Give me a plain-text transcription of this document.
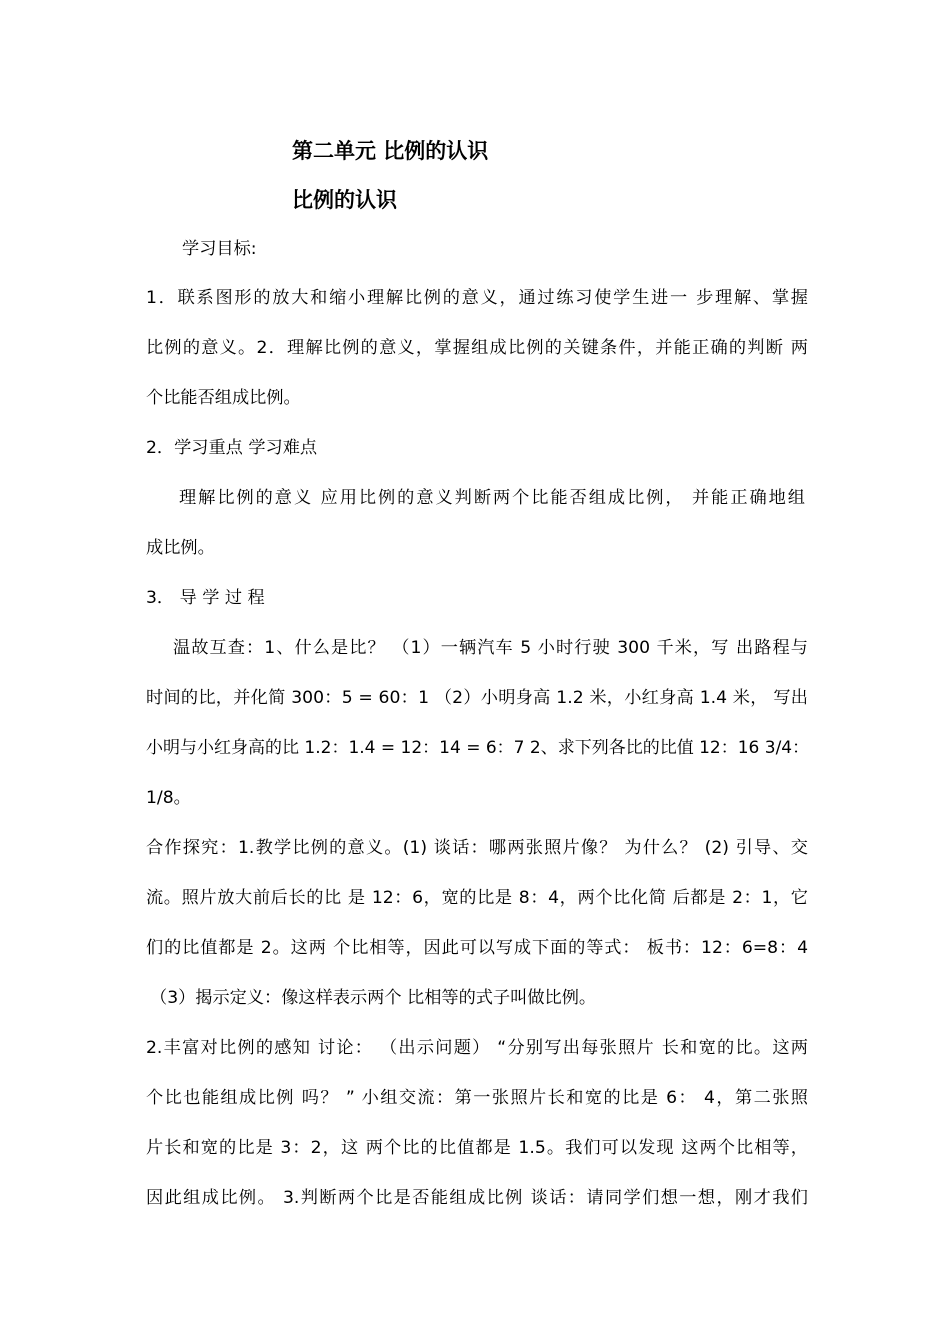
第二单元 比例的认识
比例的认识
学习目标:
1．联系图形的放大和缩小理解比例的意义，通过练习使学生进一 步理解、掌握
比例的意义。2．理解比例的意义，掌握组成比例的关键条件，并能正确的判断 两
个比能否组成比例。
2．学习重点 学习难点
理解比例的意义 应用比例的意义判断两个比能否组成比例， 并能正确地组
成比例。
3． 导 学 过 程
温故互查：1、什么是比？ （1）一辆汽车 5 小时行驶 300 千米，写 出路程与
时间的比，并化简 300：5 = 60：1 （2）小明身高 1.2 米，小红身高 1.4 米， 写出
小明与小红身高的比 1.2：1.4 = 12：14 = 6：7 2、求下列各比的比值 12：16 3/4：
1/8。
合作探究：1.教学比例的意义。(1) 谈话：哪两张照片像？ 为什么？ (2) 引导、交
流。照片放大前后长的比 是 12：6，宽的比是 8：4，两个比化简 后都是 2：1，它
们的比值都是 2。这两 个比相等，因此可以写成下面的等式： 板书：12：6=8：4
（3）揭示定义：像这样表示两个 比相等的式子叫做比例。
2.丰富对比例的感知 讨论： （出示问题） “分别写出每张照片 长和宽的比。这两
个比也能组成比例 吗？ ” 小组交流：第一张照片长和宽的比是 6： 4，第二张照
片长和宽的比是 3：2，这 两个比的比值都是 1.5。我们可以发现 这两个比相等，
因此组成比例。 3.判断两个比是否能组成比例 谈话：请同学们想一想，刚才我们
